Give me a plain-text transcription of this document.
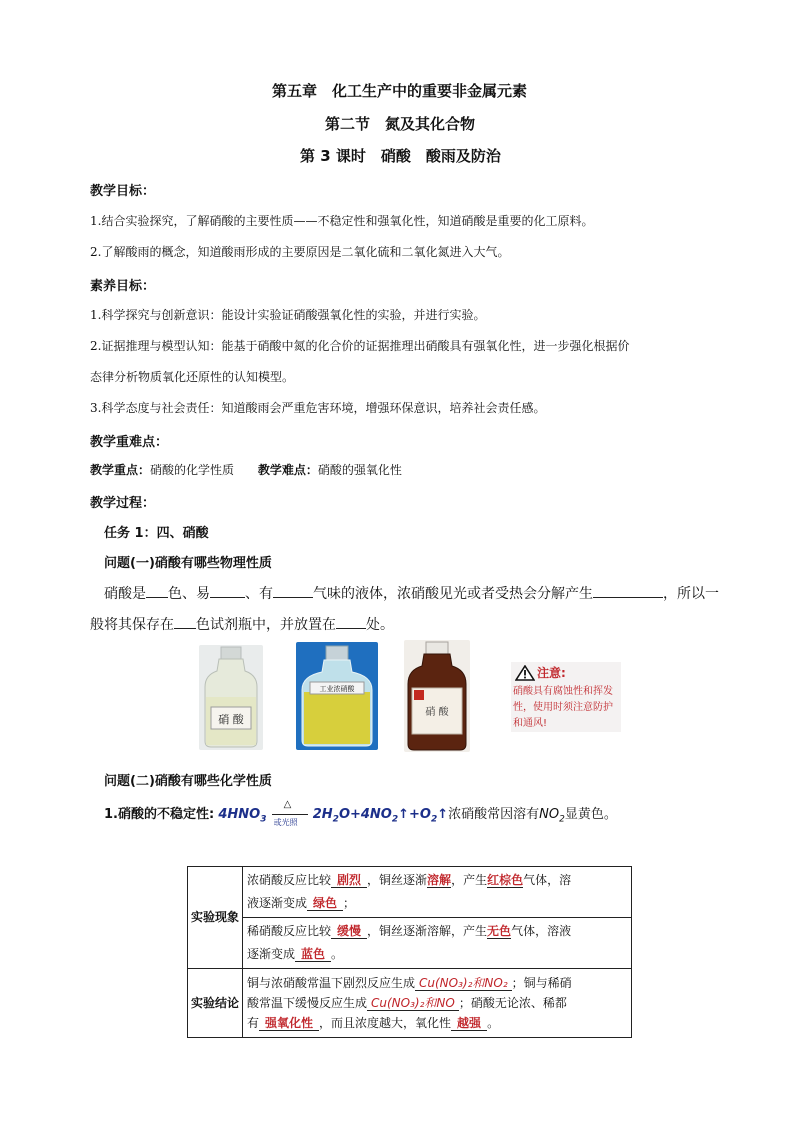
第五章　化工生产中的重要非金属元素
第二节　氮及其化合物
第 3 课时　硝酸　酸雨及防治
教学目标：
1.结合实验探究，了解硝酸的主要性质——不稳定性和强氧化性，知道硝酸是重要的化工原料。
2.了解酸雨的概念，知道酸雨形成的主要原因是二氧化硫和二氧化氮进入大气。
素养目标：
1.科学探究与创新意识：能设计实验证硝酸强氧化性的实验，并进行实验。
2.证据推理与模型认知：能基于硝酸中氮的化合价的证据推理出硝酸具有强氧化性，进一步强化根据价
态律分析物质氧化还原性的认知模型。
3.科学态度与社会责任：知道酸雨会严重危害环境，增强环保意识，培养社会责任感。
教学重难点：
教学重点：硝酸的化学性质 教学难点：硝酸的强氧化性
教学过程：
任务 1：四、硝酸
问题(一)硝酸有哪些物理性质
硝酸是 色、易	、有	气味的液体，浓硝酸见光或者受热会分解产生	，所以一
般将其保存在 色试剂瓶中，并放置在 处。
硝 酸
工业浓硝酸
硝 酸
注意:
硝酸具有腐蚀性和挥发性，使用时须注意防护和通风!
问题(二)硝酸有哪些化学性质
1.硝酸的不稳定性: $4HNO_3$
△
或光照 $2H_2O+4NO_2↑+O_2↑$浓硝酸常因溶有$NO_2$显黄色。
实验现象	浓硝酸反应比较 剧烈 ，铜丝逐渐溶解，产生红棕色气体，溶
液逐渐变成 绿色 ；
	稀硝酸反应比较 缓慢 ，铜丝逐渐溶解，产生无色气体，溶液
逐渐变成 蓝色 。
实验结论	铜与浓硝酸常温下剧烈反应生成 Cu(NO₃)₂和NO₂ ；铜与稀硝
酸常温下缓慢反应生成 Cu(NO₃)₂和NO ；硝酸无论浓、稀都
有 强氧化性 ，而且浓度越大，氧化性 越强 。
